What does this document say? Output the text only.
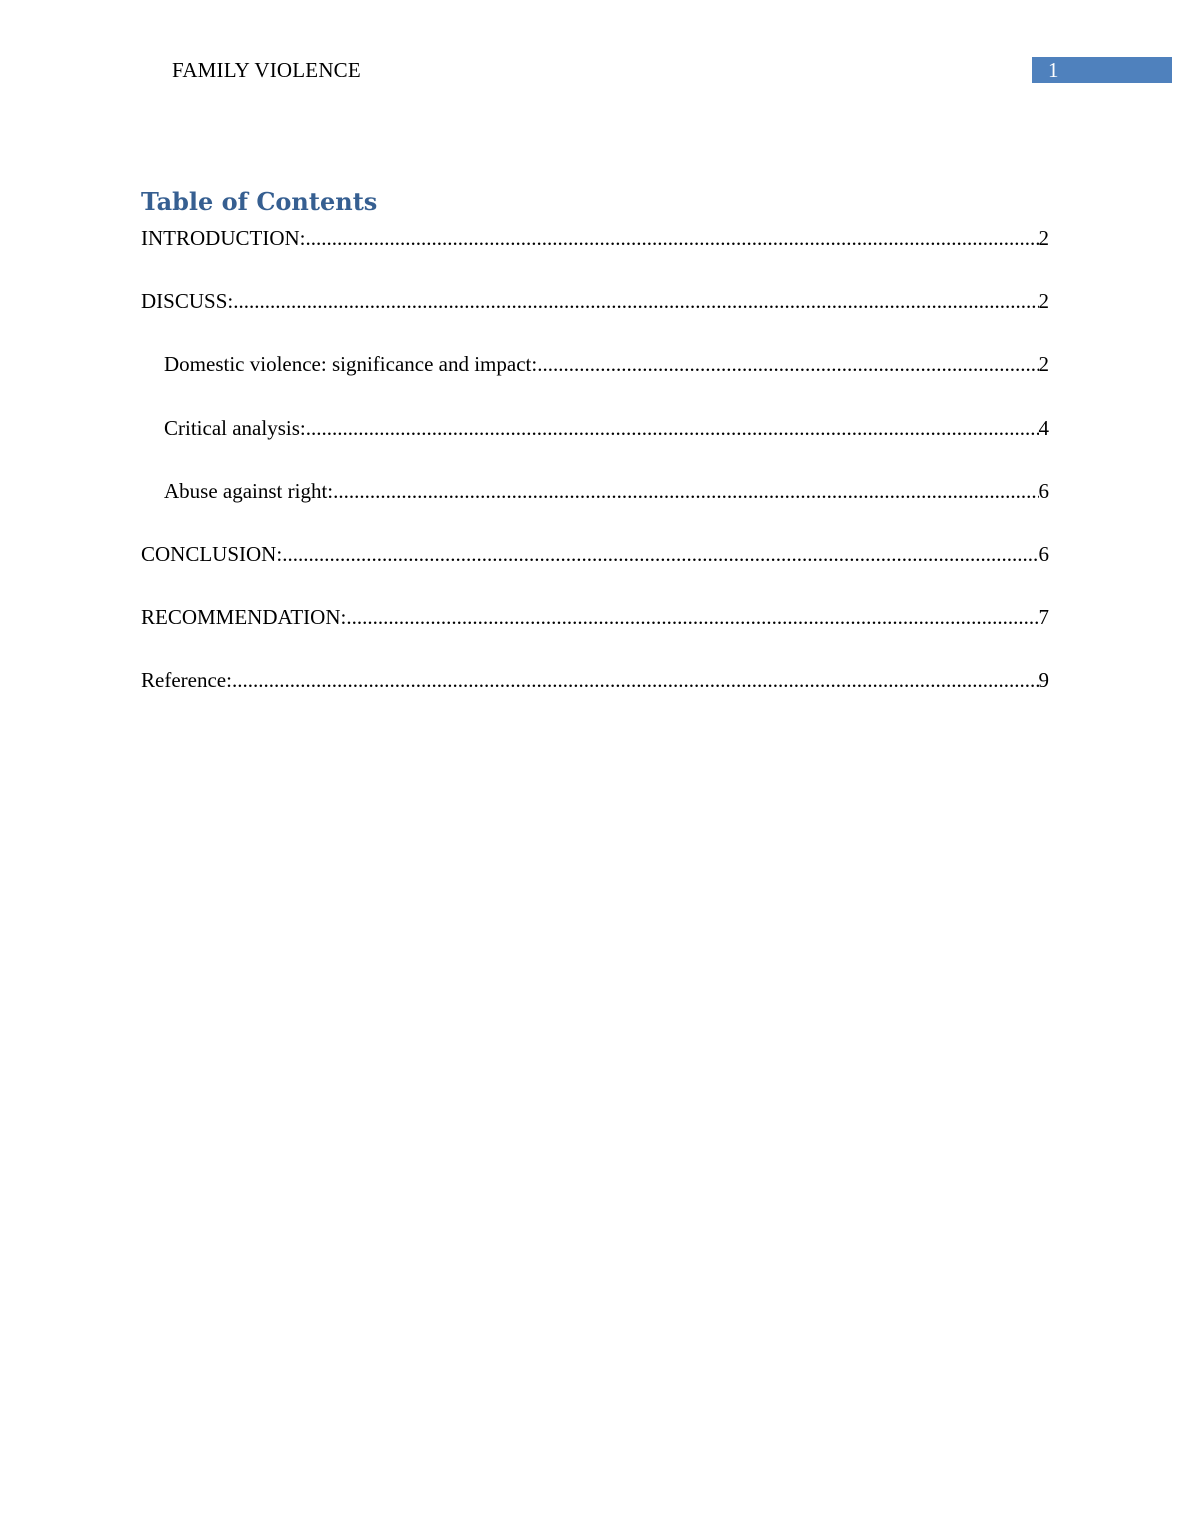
FAMILY VIOLENCE	1
Table of Contents
INTRODUCTION: .....	2
DISCUSS: .....	2
Domestic violence: significance and impact: .....	2
Critical analysis: .....	4
Abuse against right: .....	6
CONCLUSION: .....	6
RECOMMENDATION: .....	7
Reference: .....	9
